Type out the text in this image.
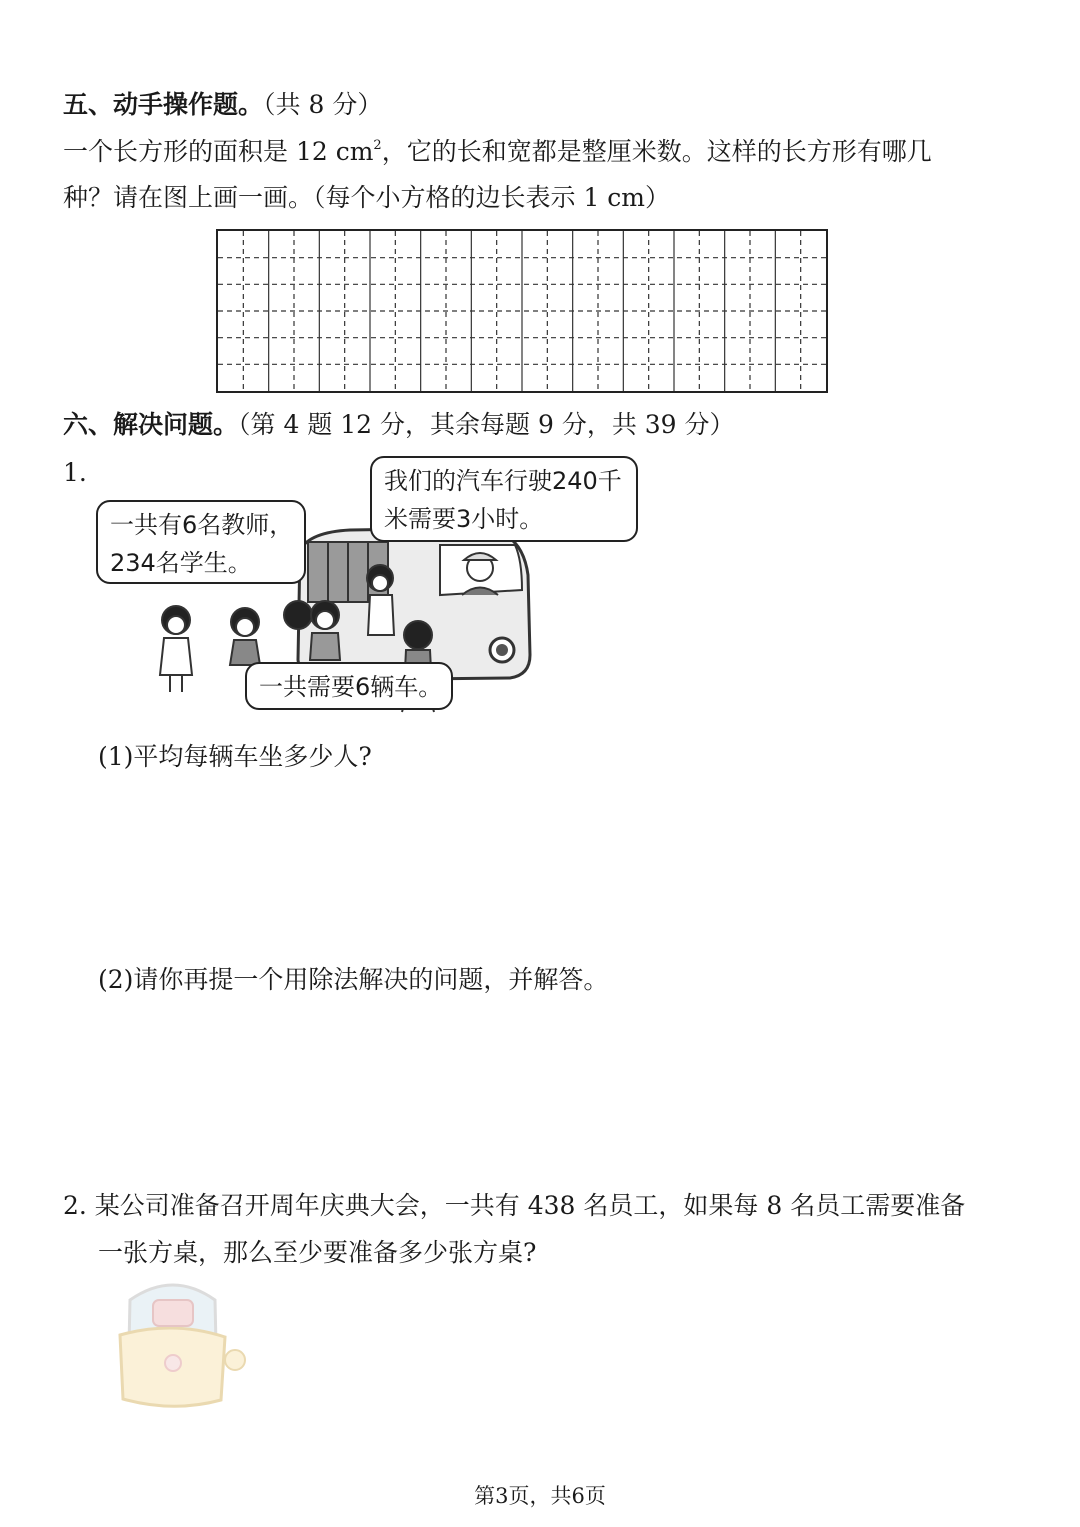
五、动手操作题。（共 8 分）
一个长方形的面积是 12 $cm^2$，它的长和宽都是整厘米数。这样的长方形有哪几
种？请在图上画一画。（每个小方格的边长表示 1 cm）
六、解决问题。（第 4 题 12 分，其余每题 9 分，共 39 分）
1.
一共有6名教师，
234名学生。
我们的汽车行驶240千
米需要3小时。
一共需要6辆车。
(1)平均每辆车坐多少人?
(2)请你再提一个用除法解决的问题，并解答。
2. 某公司准备召开周年庆典大会，一共有 438 名员工，如果每 8 名员工需要准备
一张方桌，那么至少要准备多少张方桌?
第3页，共6页
